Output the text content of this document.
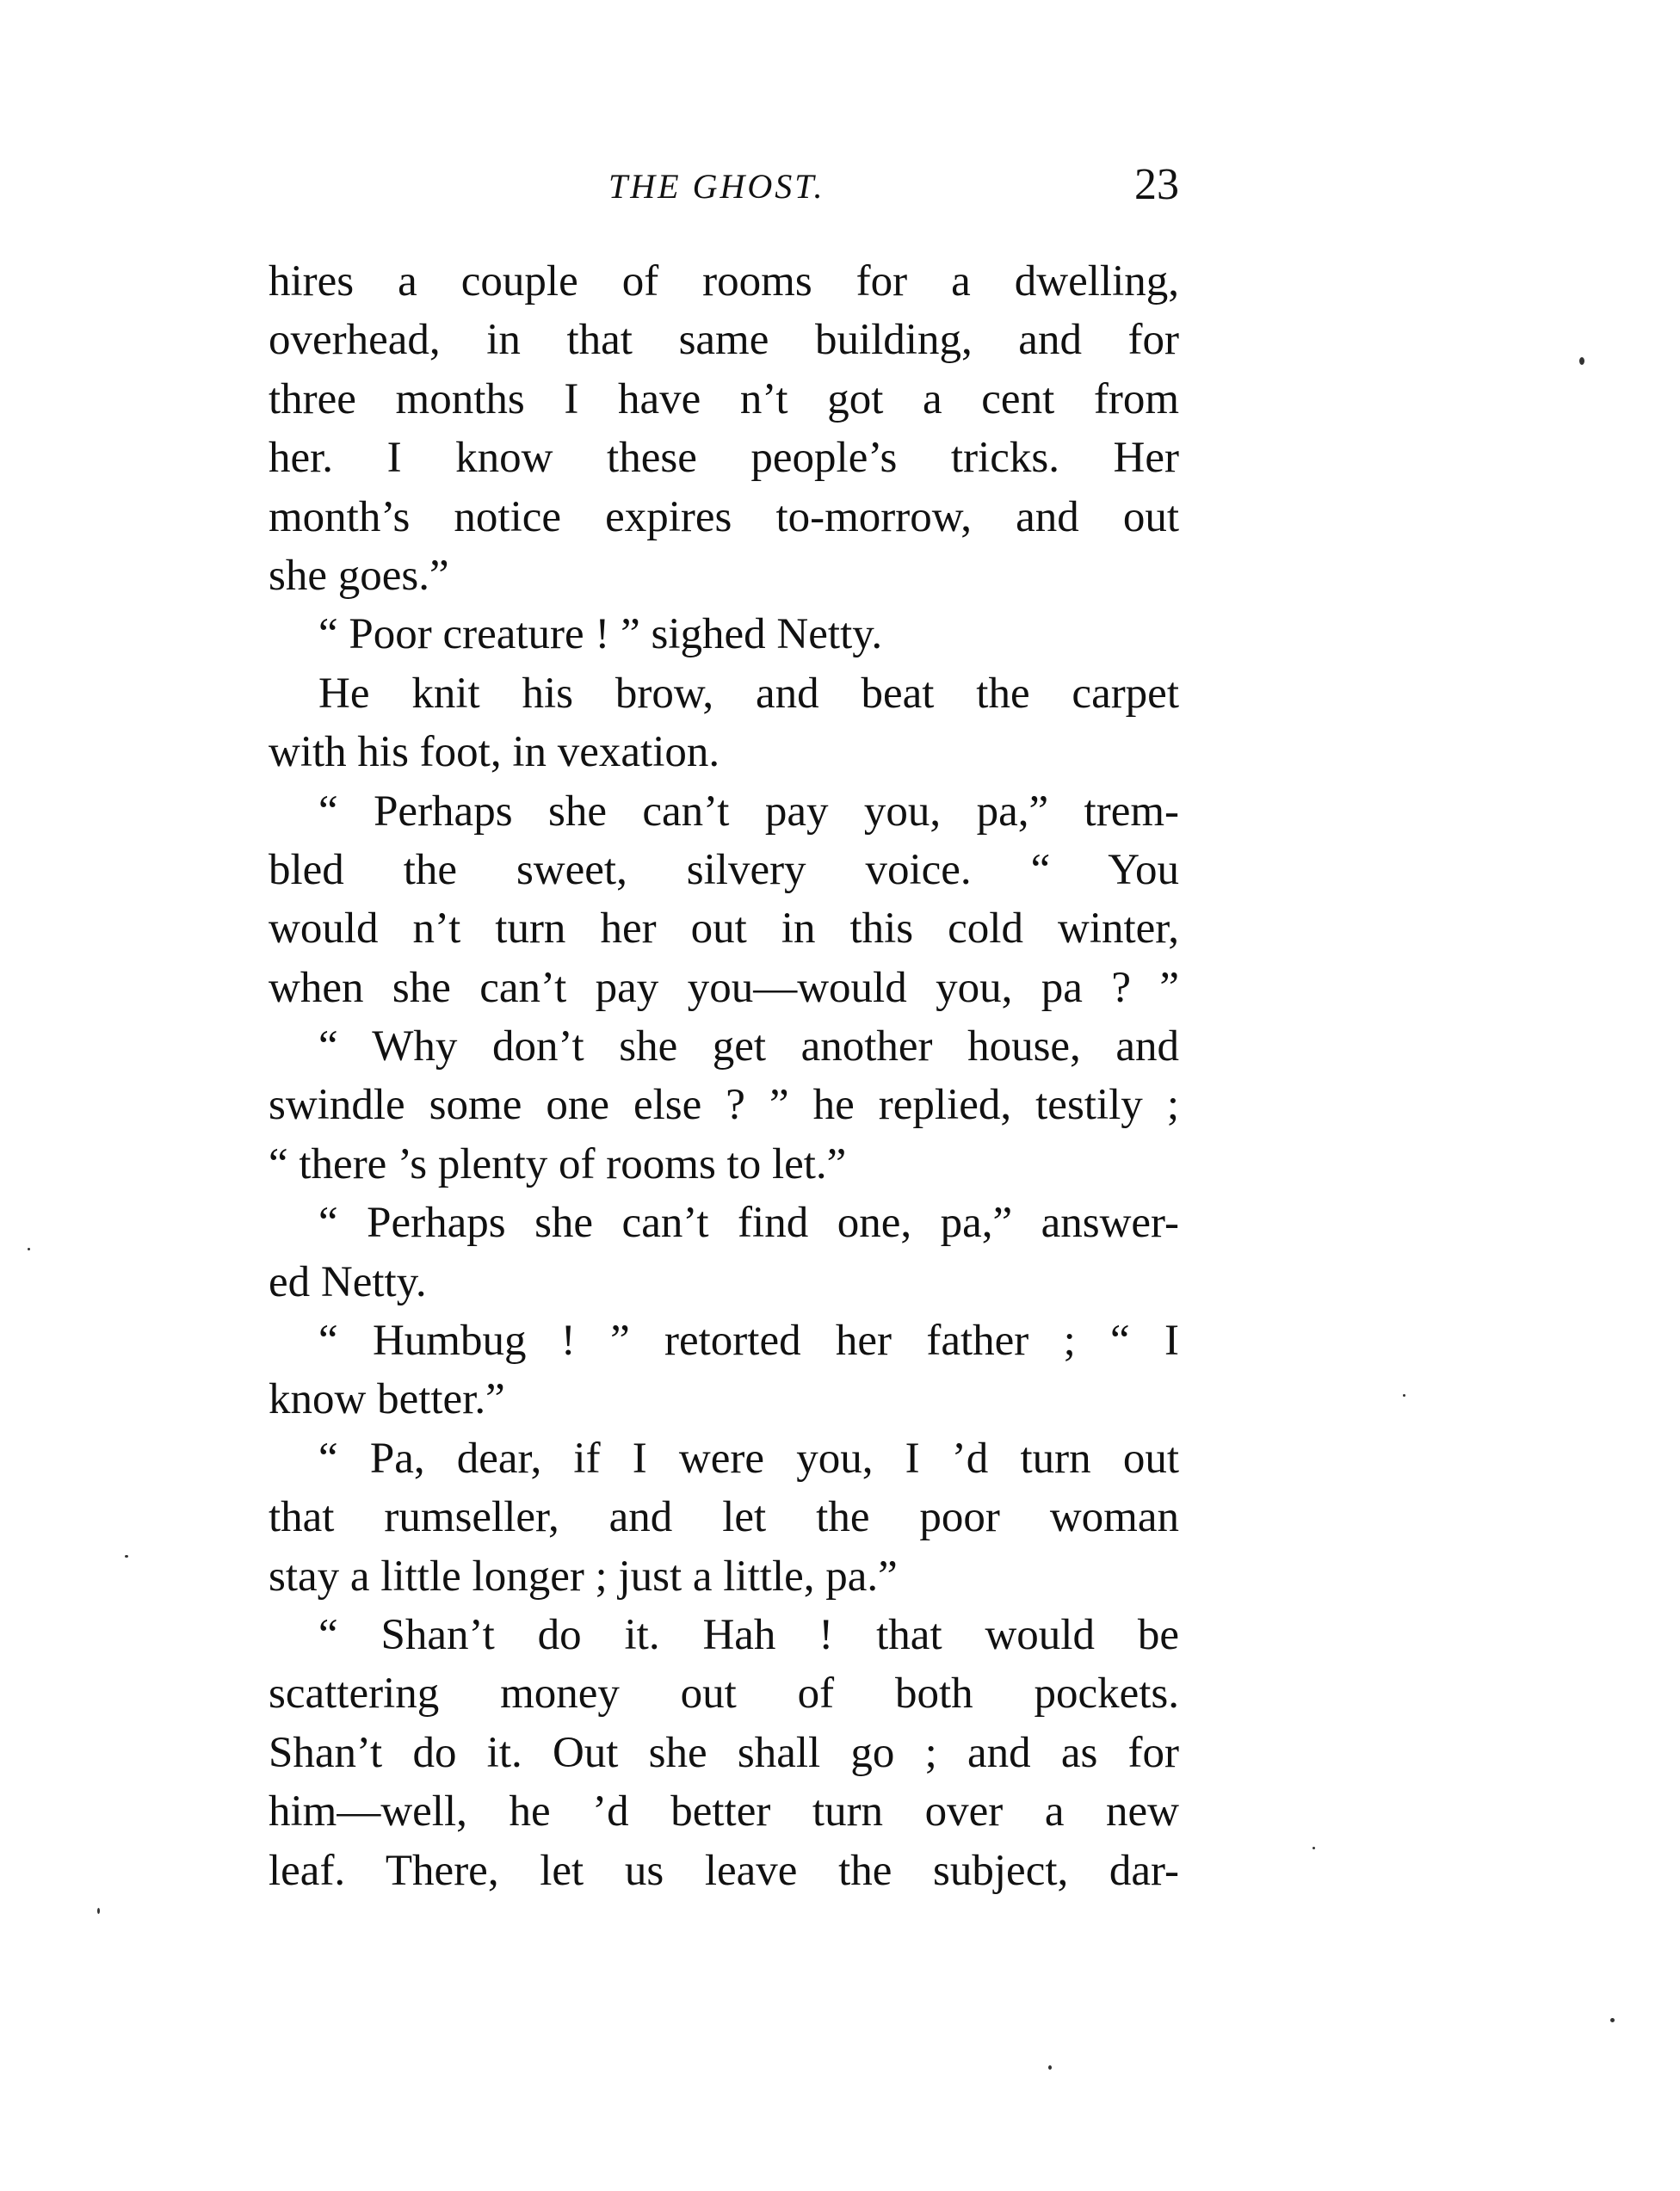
THE GHOST.	23
hires a couple of rooms for a dwelling,
overhead, in that same building, and for
three months I have n’t got a cent from
her. I know these people’s tricks. Her
month’s notice expires to-morrow, and out
she goes.”
“ Poor creature ! ” sighed Netty.
He knit his brow, and beat the carpet
with his foot, in vexation.
“ Perhaps she can’t pay you, pa,” trem-
bled the sweet, silvery voice. “ You
would n’t turn her out in this cold winter,
when she can’t pay you—would you, pa ? ”
“ Why don’t she get another house, and
swindle some one else ? ” he replied, testily ;
“ there ’s plenty of rooms to let.”
“ Perhaps she can’t find one, pa,” answer-
ed Netty.
“ Humbug ! ” retorted her father ; “ I
know better.”
“ Pa, dear, if I were you, I ’d turn out
that rumseller, and let the poor woman
stay a little longer ; just a little, pa.”
“ Shan’t do it. Hah ! that would be
scattering money out of both pockets.
Shan’t do it. Out she shall go ; and as for
him—well, he ’d better turn over a new
leaf. There, let us leave the subject, dar-
